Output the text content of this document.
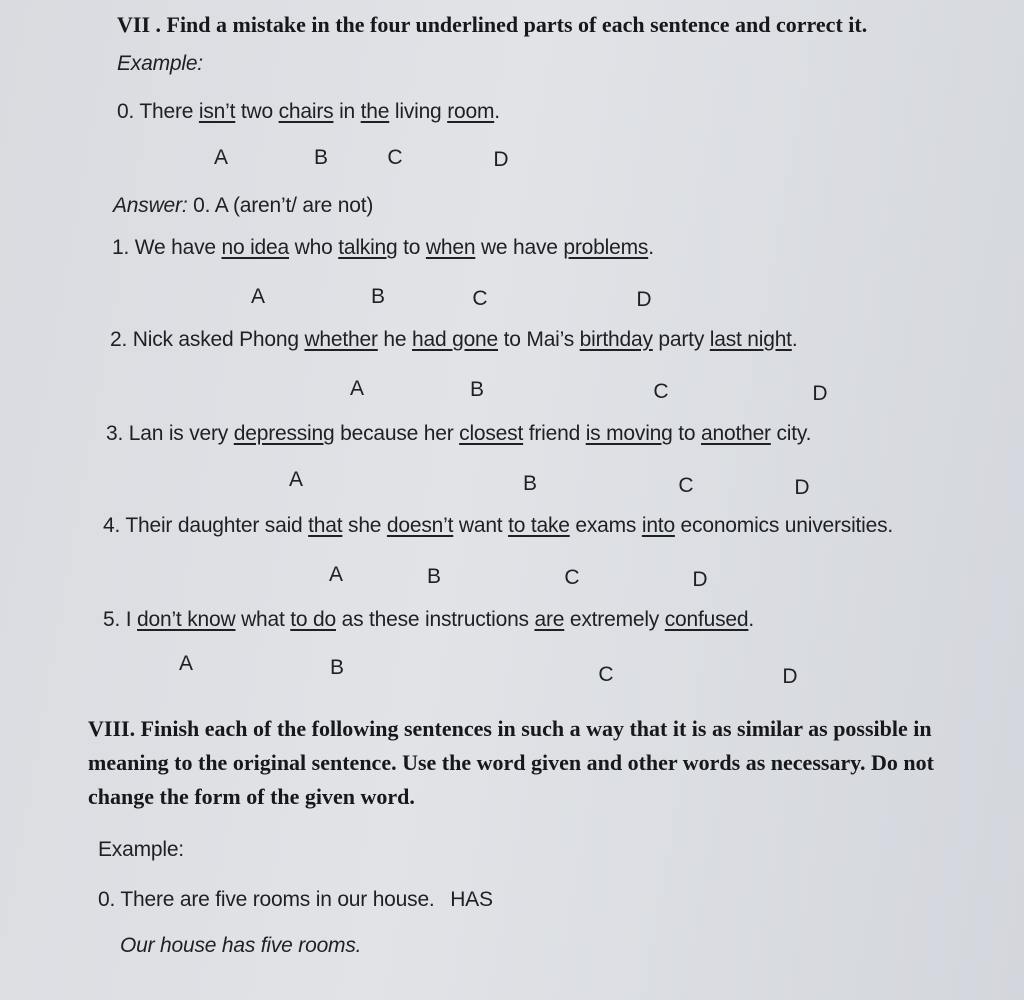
VII . Find a mistake in the four underlined parts of each sentence and correct it.
Example:
0. There isn’t two chairs in the living room.
A	B	C	D
Answer: 0. A (aren’t/ are not)
1. We have no idea who talking to when we have problems.
A	B	C	D
2. Nick asked Phong whether he had gone to Mai’s birthday party last night.
A	B	C	D
3. Lan is very depressing because her closest friend is moving to another city.
A	B	C	D
4. Their daughter said that she doesn’t want to take exams into economics universities.
A	B	C	D
5. I don’t know what to do as these instructions are extremely confused.
A	B	C	D
VIII. Finish each of the following sentences in such a way that it is as similar as possible in meaning to the original sentence. Use the word given and other words as necessary. Do not change the form of the given word.
Example:
0. There are five rooms in our house. HAS
Our house has five rooms.
